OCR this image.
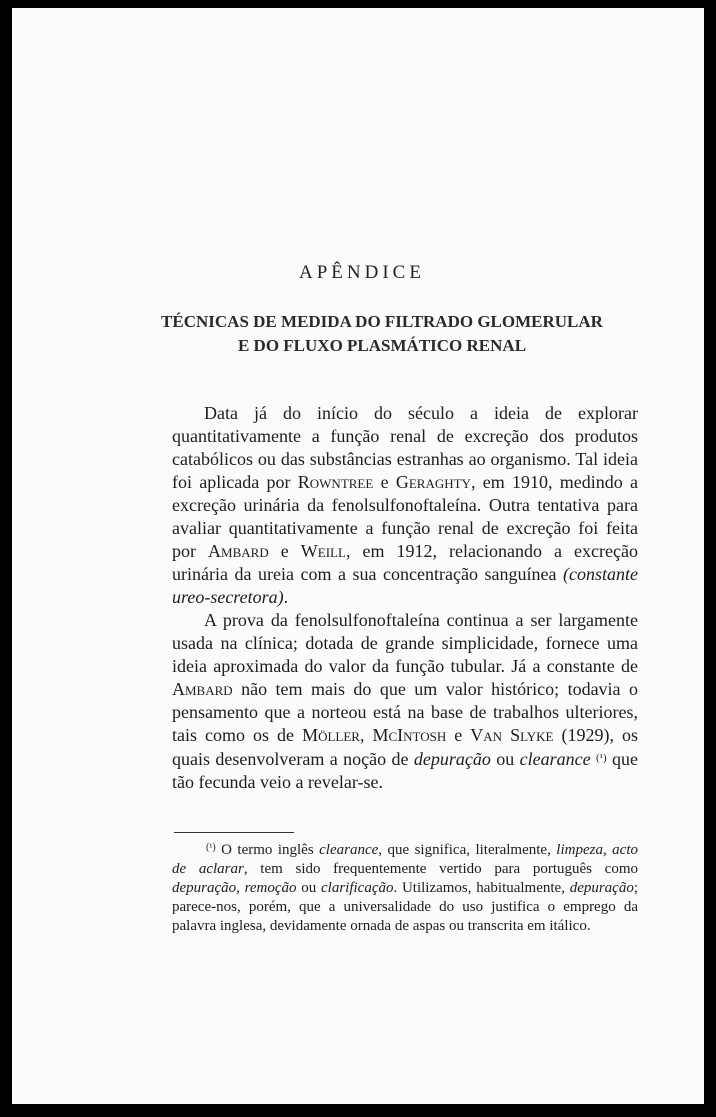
APÊNDICE
TÉCNICAS DE MEDIDA DO FILTRADO GLOMERULAR
E DO FLUXO PLASMÁTICO RENAL

Data já do início do século a ideia de explorar quantitativamente a função renal de excreção dos produtos catabólicos ou das substâncias estranhas ao organismo. Tal ideia foi aplicada por Rowntree e Geraghty, em 1910, medindo a excreção urinária da fenolsulfonoftaleína. Outra tentativa para avaliar quantitativamente a função renal de excreção foi feita por Ambard e Weill, em 1912, relacionando a excreção urinária da ureia com a sua concentração sanguínea (constante ureo-secretora).

A prova da fenolsulfonoftaleína continua a ser largamente usada na clínica; dotada de grande simplicidade, fornece uma ideia aproximada do valor da função tubular. Já a constante de Ambard não tem mais do que um valor histórico; todavia o pensamento que a norteou está na base de trabalhos ulteriores, tais como os de Möller, McIntosh e Van Slyke (1929), os quais desenvolveram a noção de depuração ou clearance $^{(^1)}$ que tão fecunda veio a revelar-se.

$^{(^1)}$ O termo inglês clearance, que significa, literalmente, limpeza, acto de aclarar, tem sido frequentemente vertido para português como depuração, remoção ou clarificação. Utilizamos, habitualmente, depuração; parece-nos, porém, que a universalidade do uso justifica o emprego da palavra inglesa, devidamente ornada de aspas ou transcrita em itálico.
